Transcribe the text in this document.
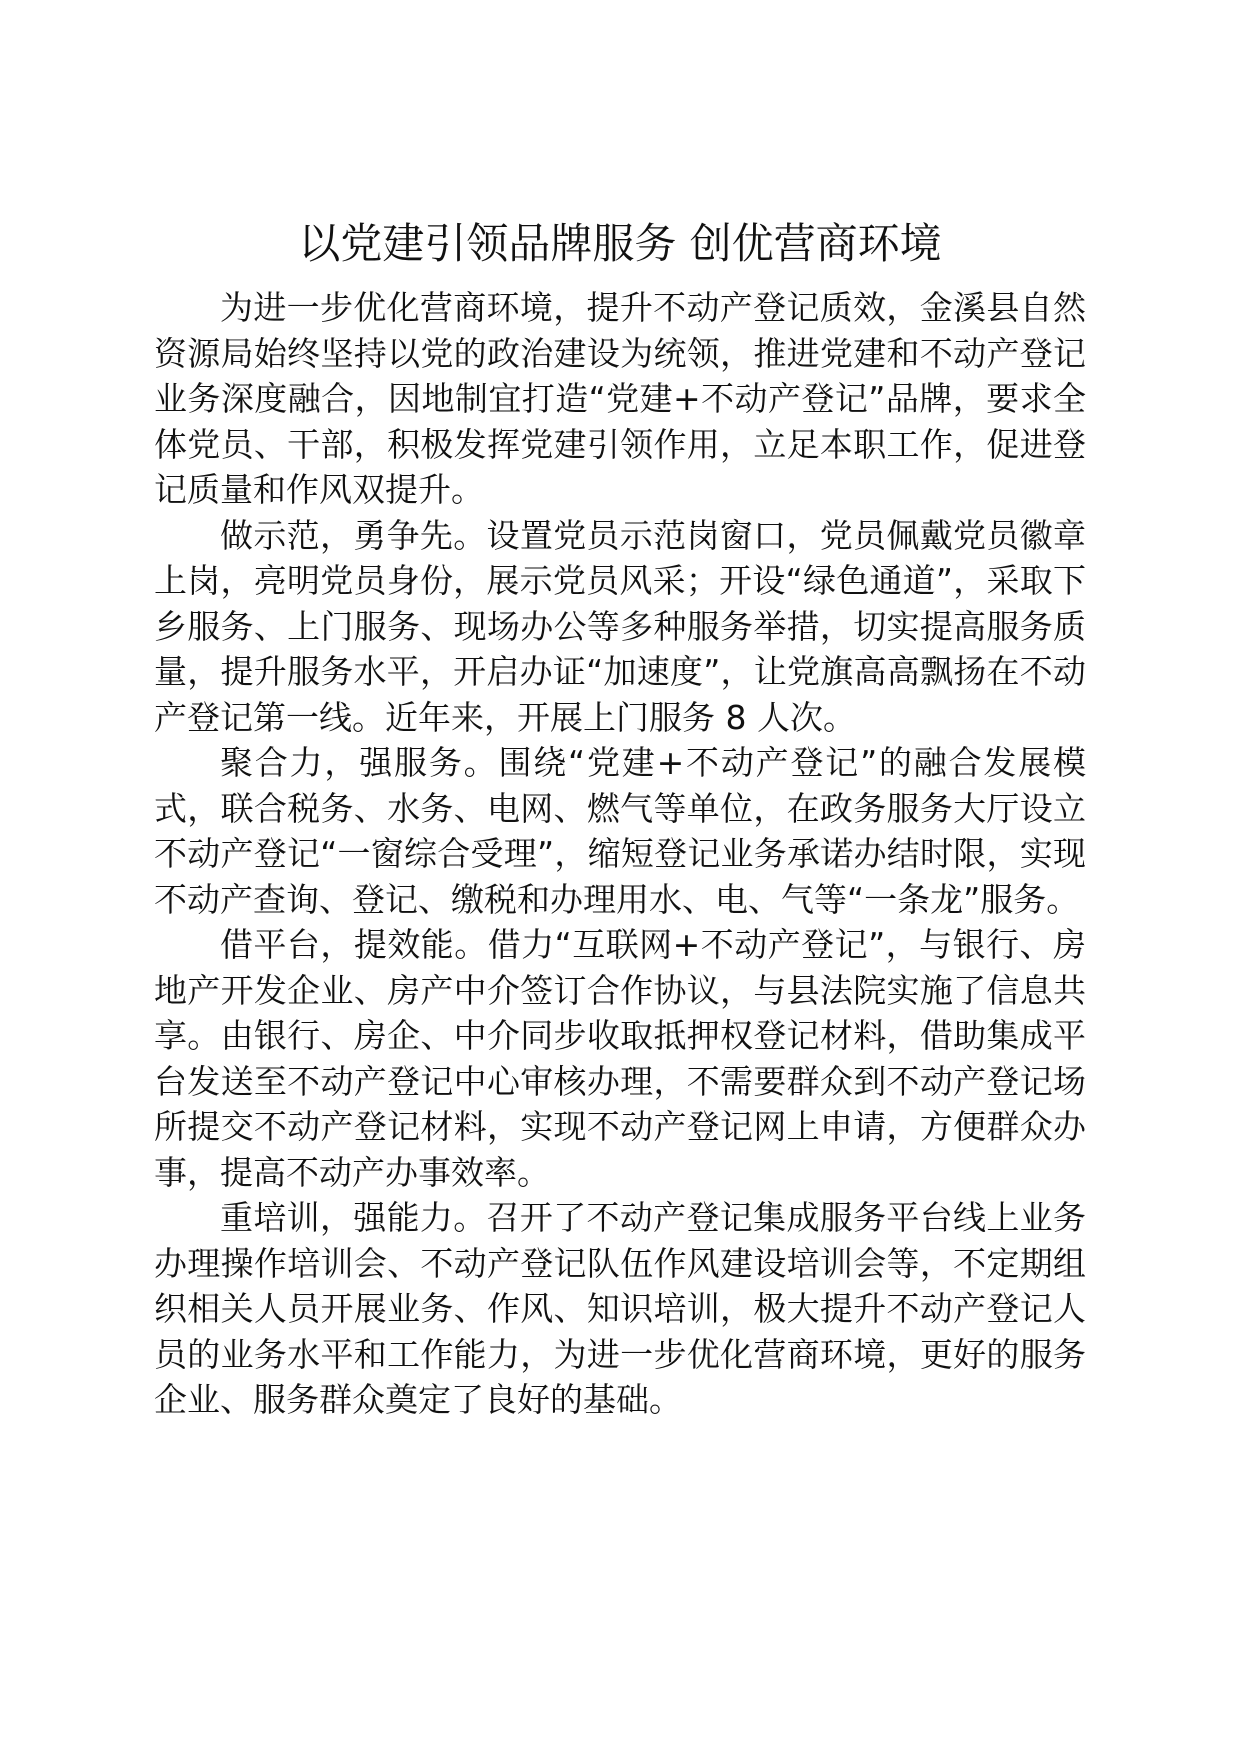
以党建引领品牌服务 创优营商环境

为进一步优化营商环境，提升不动产登记质效，金溪县自然资源局始终坚持以党的政治建设为统领，推进党建和不动产登记业务深度融合，因地制宜打造“党建+不动产登记”品牌，要求全体党员、干部，积极发挥党建引领作用，立足本职工作，促进登记质量和作风双提升。

做示范，勇争先。设置党员示范岗窗口，党员佩戴党员徽章上岗，亮明党员身份，展示党员风采；开设“绿色通道”，采取下乡服务、上门服务、现场办公等多种服务举措，切实提高服务质量，提升服务水平，开启办证“加速度”，让党旗高高飘扬在不动产登记第一线。近年来，开展上门服务 8 人次。

聚合力，强服务。围绕“党建+不动产登记”的融合发展模式，联合税务、水务、电网、燃气等单位，在政务服务大厅设立不动产登记“一窗综合受理”，缩短登记业务承诺办结时限，实现不动产查询、登记、缴税和办理用水、电、气等“一条龙”服务。

借平台，提效能。借力“互联网+不动产登记”，与银行、房地产开发企业、房产中介签订合作协议，与县法院实施了信息共享。由银行、房企、中介同步收取抵押权登记材料，借助集成平台发送至不动产登记中心审核办理，不需要群众到不动产登记场所提交不动产登记材料，实现不动产登记网上申请，方便群众办事，提高不动产办事效率。

重培训，强能力。召开了不动产登记集成服务平台线上业务办理操作培训会、不动产登记队伍作风建设培训会等，不定期组织相关人员开展业务、作风、知识培训，极大提升不动产登记人员的业务水平和工作能力，为进一步优化营商环境，更好的服务企业、服务群众奠定了良好的基础。
